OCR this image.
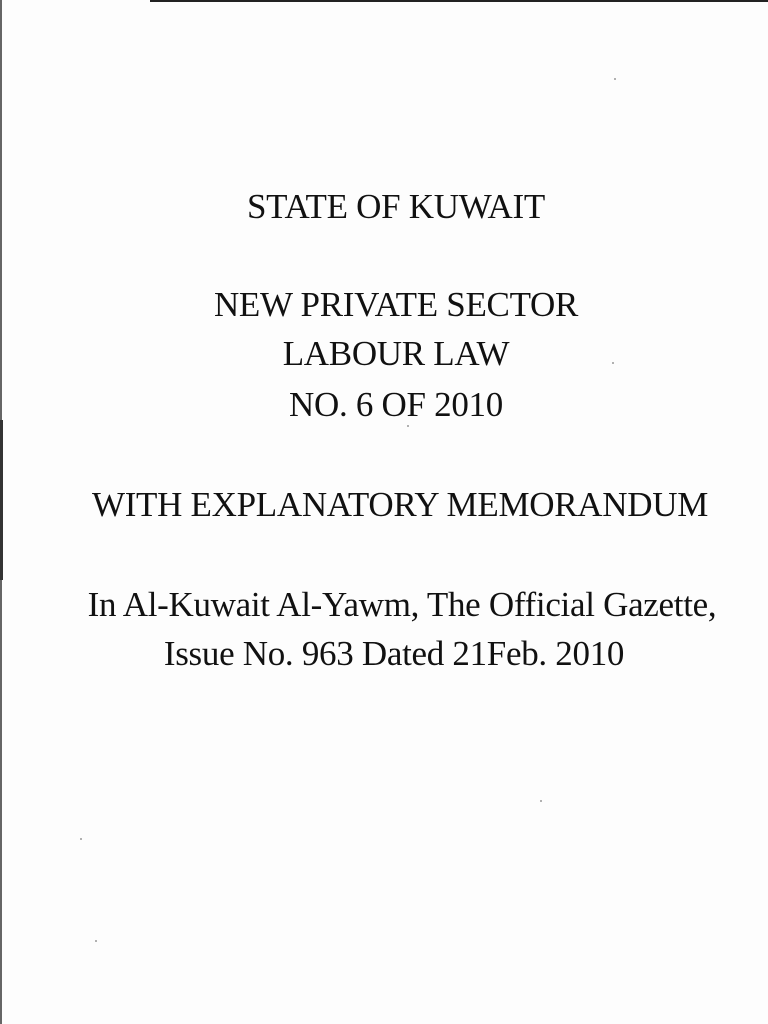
STATE OF KUWAIT
NEW PRIVATE SECTOR
LABOUR LAW
NO. 6 OF 2010
WITH EXPLANATORY MEMORANDUM
In Al-Kuwait Al-Yawm, The Official Gazette,
Issue No. 963 Dated 21Feb. 2010
